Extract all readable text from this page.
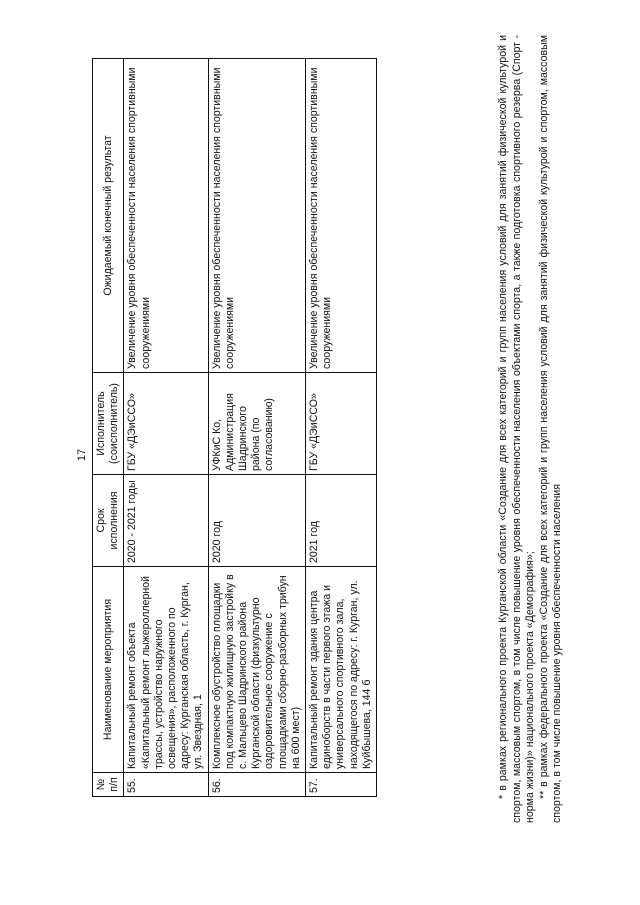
17
№ п/п	Наименование мероприятия	Срок исполнения	Исполнитель (соисполнитель)	Ожидаемый конечный результат
55.	Капитальный ремонт объекта «Капитальный ремонт лыжероллерной трассы, устройство наружного освещения», расположенного по адресу: Курганская область, г. Курган, ул. Звездная, 1	2020 - 2021 годы	ГБУ «ДЭиССО»	Увеличение уровня обеспеченности населения спортивными сооружениями
56.	Комплексное обустройство площадки под компактную жилищную застройку в с. Мальцево Шадринского района Курганской области (физкультурно оздоровительное сооружение с площадками сборно-разборных трибун на 600 мест)	2020 год	УФКиС Ко, Администрация Шадринского района (по согласованию)	Увеличение уровня обеспеченности населения спортивными сооружениями
57.	Капитальный ремонт здания центра единоборств в части первого этажа и универсального спортивного зала, находящегося по адресу: г. Курган, ул. Куйбышева, 144 б	2021 год	ГБУ «ДЭиССО»	Увеличение уровня обеспеченности населения спортивными сооружениями	* в рамках регионального проекта Курганской области «Создание для всех категорий и групп населения условий для занятий физической культурой и спортом, массовым спортом, в том числе повышение уровня обеспеченности населения объектами спорта, а также подготовка спортивного резерва (Спорт - норма жизни)» национального проекта «Демография»; ** в рамках федерального проекта «Создание для всех категорий и групп населения условий для занятий физической культурой и спортом, массовым спортом, в том числе повышение уровня обеспеченности населения
